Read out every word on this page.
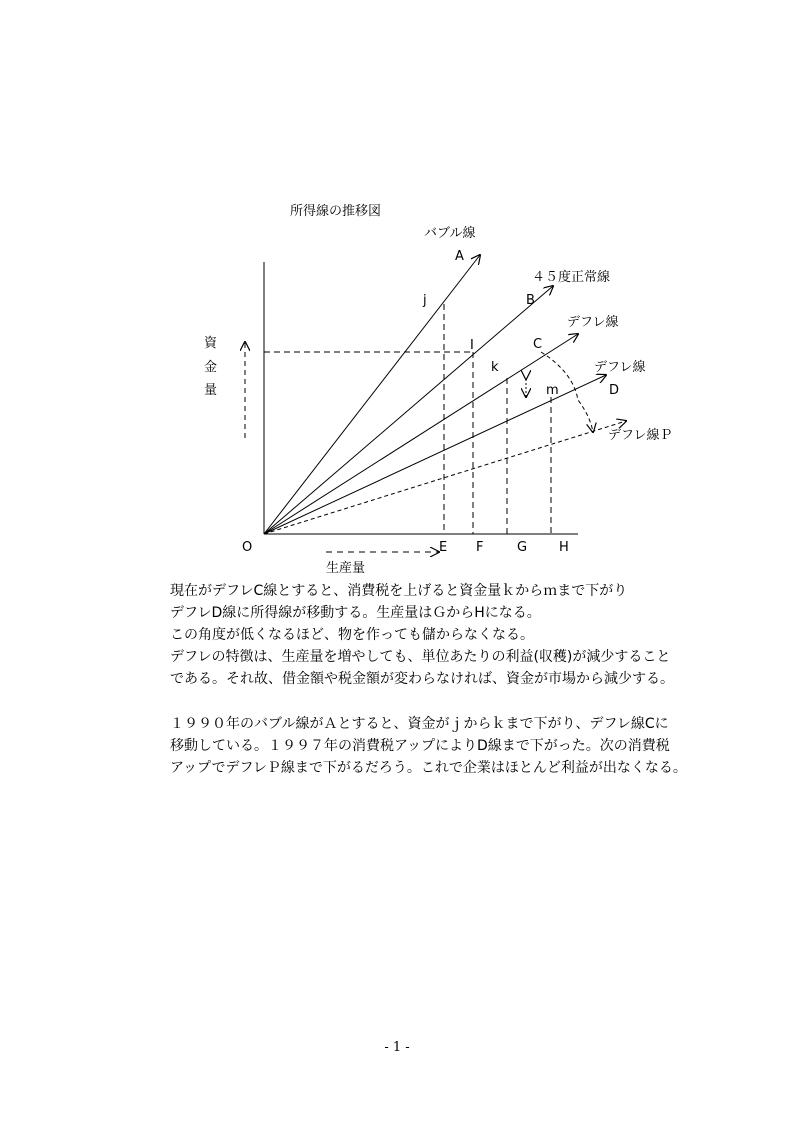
所得線の推移図
資
金
量
生産量
バブル線
A
４５度正常線
B
デフレ線
C
デフレ線
D
デフレ線Ｐ
j
I
k
m
O	E F	G H
現在がデフレC線とすると、消費税を上げると資金量ｋからｍまで下がり
デフレD線に所得線が移動する。生産量はＧからHになる。
この角度が低くなるほど、物を作っても儲からなくなる。
デフレの特徴は、生産量を増やしても、単位あたりの利益(収穫)が減少すること
である。それ故、借金額や税金額が変わらなければ、資金が市場から減少する。
１９９０年のバブル線がＡとすると、資金がｊからｋまで下がり、デフレ線Cに
移動している。１９９７年の消費税アップによりD線まで下がった。次の消費税
アップでデフレＰ線まで下がるだろう。これで企業はほとんど利益が出なくなる。
- 1 -
